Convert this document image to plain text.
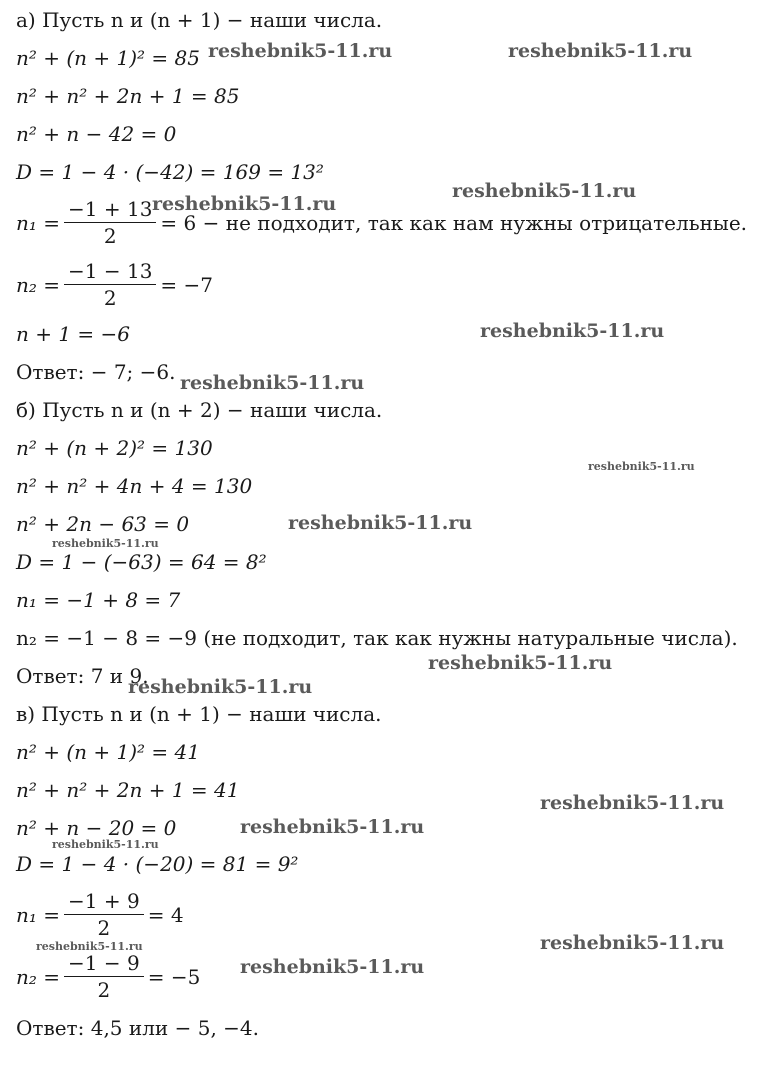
а) Пусть n и (n + 1) − наши числа.
n² + (n + 1)² = 85
n² + n² + 2n + 1 = 85
n² + n − 42 = 0
D = 1 − 4 · (−42) = 169 = 13²
$n_1 = \frac{-1 + 13}{2} = 6$ − не подходит, так как нам нужны отрицательные.
$n_2 = \frac{-1 - 13}{2} = -7$
n + 1 = −6
Ответ: − 7; −6.
б) Пусть n и (n + 2) − наши числа.
n² + (n + 2)² = 130
n² + n² + 4n + 4 = 130
n² + 2n − 63 = 0
D = 1 − (−63) = 64 = 8²
n₁ = −1 + 8 = 7
n₂ = −1 − 8 = −9 (не подходит, так как нужны натуральные числа).
Ответ: 7 и 9.
в) Пусть n и (n + 1) − наши числа.
n² + (n + 1)² = 41
n² + n² + 2n + 1 = 41
n² + n − 20 = 0
D = 1 − 4 · (−20) = 81 = 9²
$n_1 = \frac{-1 + 9}{2} = 4$
$n_2 = \frac{-1 - 9}{2} = -5$
Ответ: 4,5 или − 5, −4.
reshebnik5-11.ru	reshebnik5-11.ru
reshebnik5-11.ru
reshebnik5-11.ru
reshebnik5-11.ru
reshebnik5-11.ru
reshebnik5-11.ru
reshebnik5-11.ru
reshebnik5-11.ru
reshebnik5-11.ru
reshebnik5-11.ru
reshebnik5-11.ru
reshebnik5-11.ru
reshebnik5-11.ru
reshebnik5-11.ru	reshebnik5-11.ru
reshebnik5-11.ru
